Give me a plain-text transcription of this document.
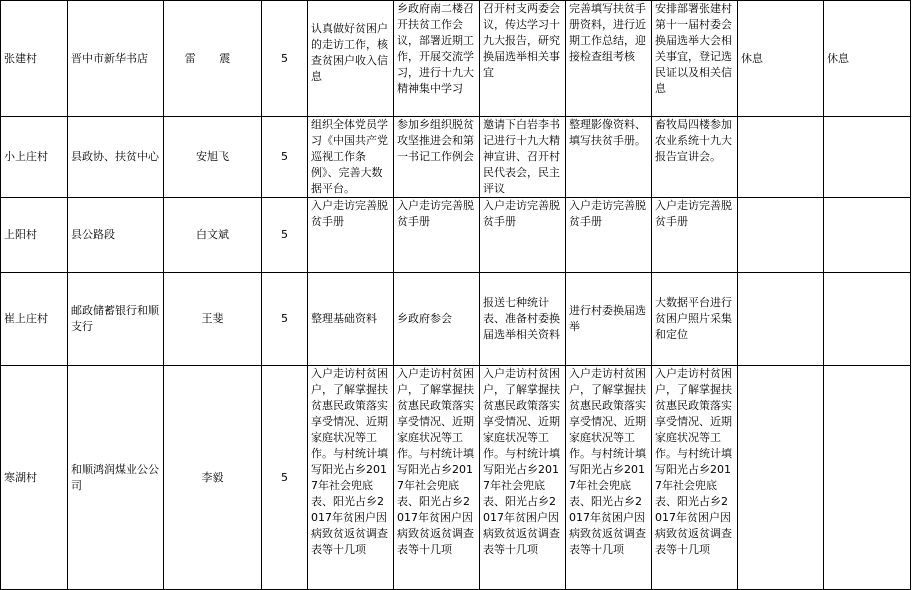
张建村	晋中市新华书店	雷 震	5	认真做好贫困户的走访工作，核查贫困户收入信息	乡政府南二楼召开扶贫工作会议，部署近期工作，开展交流学习，进行十九大精神集中学习	召开村支两委会议，传达学习十九大报告，研究换届选举相关事宜	完善填写扶贫手册资料，进行近期工作总结，迎接检查组考核	安排部署张建村第十一届村委会换届选举大会相关事宜，登记选民证以及相关信息	休息	休息
小上庄村	县政协、扶贫中心	安旭飞	5	组织全体党员学习《中国共产党巡视工作条例》、完善大数据平台。	参加乡组织脱贫攻坚推进会和第一书记工作例会	邀请下白岩李书记进行十九大精神宣讲、召开村民代表会，民主评议	整理影像资料、填写扶贫手册。	畜牧局四楼参加农业系统十九大报告宣讲会。		
上阳村	县公路段	白文斌	5	入户走访完善脱贫手册	入户走访完善脱贫手册	入户走访完善脱贫手册	入户走访完善脱贫手册	入户走访完善脱贫手册		
崔上庄村	邮政储蓄银行和顺支行	王斐	5	整理基础资料	乡政府参会	报送七种统计表、准备村委换届选举相关资料	进行村委换届选举	大数据平台进行贫困户照片采集和定位		
寒湖村	和顺鸿润煤业公公司	李毅	5	入户走访村贫困户，了解掌握扶贫惠民政策落实享受情况、近期家庭状况等工作。与村统计填写阳光占乡2017年社会兜底表、阳光占乡2017年贫困户因病致贫返贫调查表等十几项	入户走访村贫困户，了解掌握扶贫惠民政策落实享受情况、近期家庭状况等工作。与村统计填写阳光占乡2017年社会兜底表、阳光占乡2017年贫困户因病致贫返贫调查表等十几项	入户走访村贫困户，了解掌握扶贫惠民政策落实享受情况、近期家庭状况等工作。与村统计填写阳光占乡2017年社会兜底表、阳光占乡2017年贫困户因病致贫返贫调查表等十几项	入户走访村贫困户，了解掌握扶贫惠民政策落实享受情况、近期家庭状况等工作。与村统计填写阳光占乡2017年社会兜底表、阳光占乡2017年贫困户因病致贫返贫调查表等十几项	入户走访村贫困户，了解掌握扶贫惠民政策落实享受情况、近期家庭状况等工作。与村统计填写阳光占乡2017年社会兜底表、阳光占乡2017年贫困户因病致贫返贫调查表等十几项		
